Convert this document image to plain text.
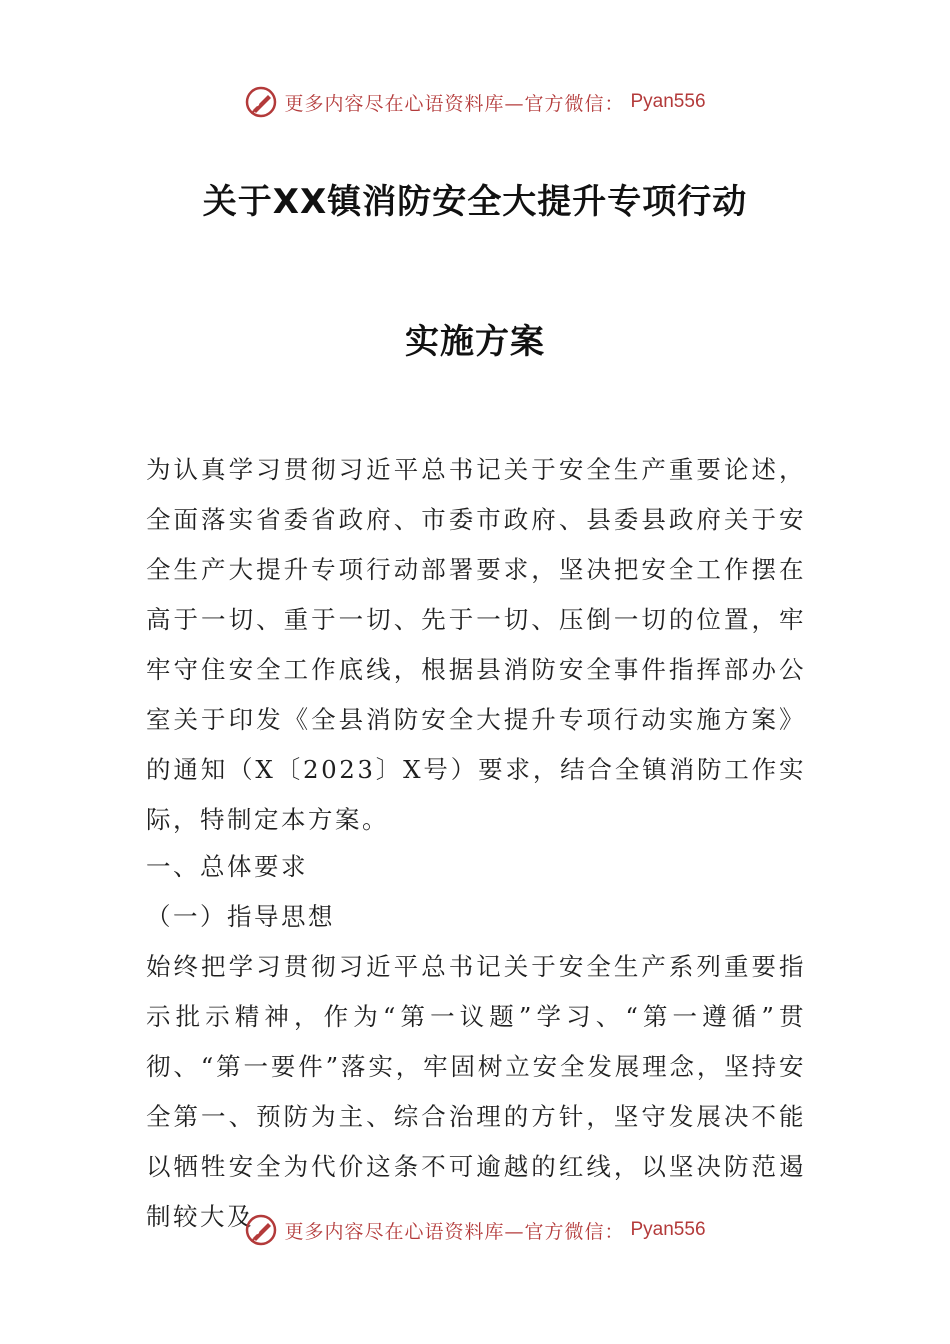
更多内容尽在心语资料库—官方微信： Pyan556
关于XX镇消防安全大提升专项行动
实施方案
为认真学习贯彻习近平总书记关于安全生产重要论述，全面落实省委省政府、市委市政府、县委县政府关于安全生产大提升专项行动部署要求，坚决把安全工作摆在高于一切、重于一切、先于一切、压倒一切的位置，牢牢守住安全工作底线，根据县消防安全事件指挥部办公室关于印发《全县消防安全大提升专项行动实施方案》的通知（X〔2023〕X号）要求，结合全镇消防工作实际，特制定本方案。
一、总体要求
（一）指导思想
始终把学习贯彻习近平总书记关于安全生产系列重要指示批示精神，作为“第一议题”学习、“第一遵循”贯彻、“第一要件”落实，牢固树立安全发展理念，坚持安全第一、预防为主、综合治理的方针，坚守发展决不能以牺牲安全为代价这条不可逾越的红线，以坚决防范遏制较大及
更多内容尽在心语资料库—官方微信： Pyan556
